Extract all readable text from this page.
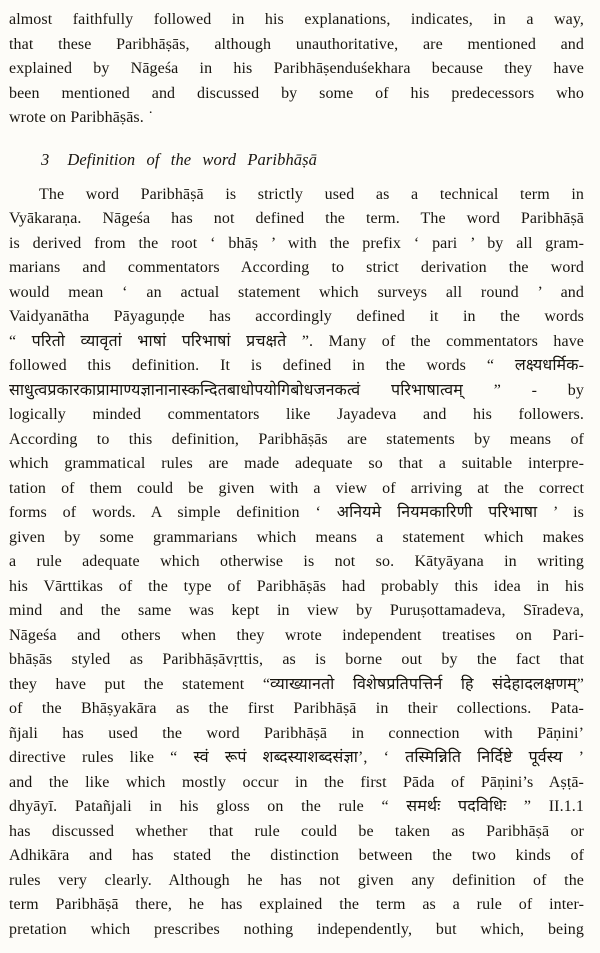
almost faithfully followed in his explanations, indicates, in a way,
that these Paribhāṣās, although unauthoritative, are mentioned and
explained by Nāgeśa in his Paribhāṣenduśekhara because they have
been mentioned and discussed by some of his predecessors who
wrote on Paribhāṣās. ˙
3 Definition of the word Paribhāṣā
The word Paribhāṣā is strictly used as a technical term in
Vyākaraṇa. Nāgeśa has not defined the term. The word Paribhāṣā
is derived from the root ‘ bhāṣ ’ with the prefix ‘ pari ’ by all gram-
marians and commentators According to strict derivation the word
would mean ‘ an actual statement which surveys all round ’ and
Vaidyanātha Pāyaguṇḍe has accordingly defined it in the words
“ परितो व्यावृतां भाषां परिभाषां प्रचक्षते ”. Many of the commentators have
followed this definition. It is defined in the words “ लक्ष्यधर्मिक-
साधुत्वप्रकारकाप्रामाण्यज्ञानानास्कन्दितबाधोपयोगिबोधजनकत्वं परिभाषात्वम् ” - by
logically minded commentators like Jayadeva and his followers.
According to this definition, Paribhāṣās are statements by means of
which grammatical rules are made adequate so that a suitable interpre-
tation of them could be given with a view of arriving at the correct
forms of words. A simple definition ‘ अनियमे नियमकारिणी परिभाषा ’ is
given by some grammarians which means a statement which makes
a rule adequate which otherwise is not so. Kātyāyana in writing
his Vārttikas of the type of Paribhāṣās had probably this idea in his
mind and the same was kept in view by Puruṣottamadeva, Sīradeva,
Nāgeśa and others when they wrote independent treatises on Pari-
bhāṣās styled as Paribhāṣāvṛttis, as is borne out by the fact that
they have put the statement “व्याख्यानतो विशेषप्रतिपत्तिर्न हि संदेहादलक्षणम्”
of the Bhāṣyakāra as the first Paribhāṣā in their collections. Pata-
ñjali has used the word Paribhāṣā in connection with Pāṇini’
directive rules like “ स्वं रूपं शब्दस्याशब्दसंज्ञा’, ‘ तस्मिन्निति निर्दिष्टे पूर्वस्य ’
and the like which mostly occur in the first Pāda of Pāṇini’s Aṣṭā-
dhyāyī. Patañjali in his gloss on the rule “ समर्थः पदविधिः ” II.1.1
has discussed whether that rule could be taken as Paribhāṣā or
Adhikāra and has stated the distinction between the two kinds of
rules very clearly. Although he has not given any definition of the
term Paribhāṣā there, he has explained the term as a rule of inter-
pretation which prescribes nothing independently, but which, being
